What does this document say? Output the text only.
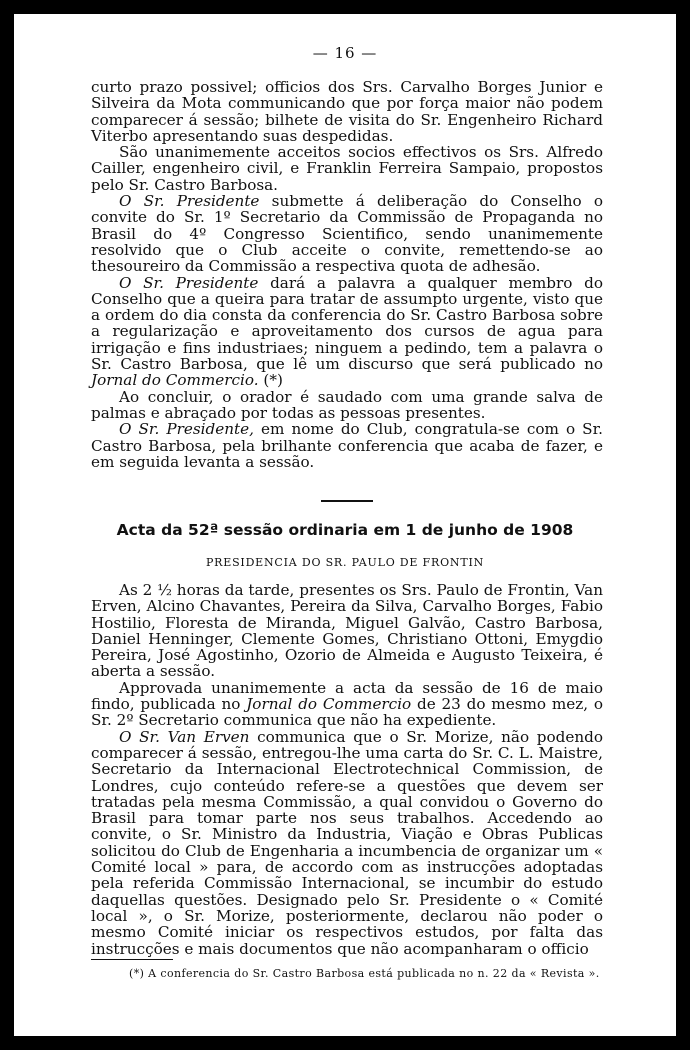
— 16 —

curto prazo possivel; officios dos Srs. Carvalho Borges Junior e Silveira da Mota communicando que por força maior não podem comparecer á sessão; bilhete de visita do Sr. Engenheiro Richard Viterbo apresentando suas despedidas.

São unanimemente acceitos socios effectivos os Srs. Alfredo Cailler, engenheiro civil, e Franklin Ferreira Sampaio, propostos pelo Sr. Castro Barbosa.

O Sr. Presidente submette á deliberação do Conselho o convite do Sr. 1º Secretario da Commissão de Propaganda no Brasil do 4º Congresso Scientifico, sendo unanimemente resolvido que o Club acceite o convite, remettendo-se ao thesoureiro da Commissão a respectiva quota de adhesão.

O Sr. Presidente dará a palavra a qualquer membro do Conselho que a queira para tratar de assumpto urgente, visto que a ordem do dia consta da conferencia do Sr. Castro Barbosa sobre a regularização e aproveitamento dos cursos de agua para irrigação e fins industriaes; ninguem a pedindo, tem a palavra o Sr. Castro Barbosa, que lê um discurso que será publicado no Jornal do Commercio. (*)

Ao concluir, o orador é saudado com uma grande salva de palmas e abraçado por todas as pessoas presentes.

O Sr. Presidente, em nome do Club, congratula-se com o Sr. Castro Barbosa, pela brilhante conferencia que acaba de fazer, e em seguida levanta a sessão.

Acta da 52ª sessão ordinaria em 1 de junho de 1908
PRESIDENCIA DO SR. PAULO DE FRONTIN

As 2 ½ horas da tarde, presentes os Srs. Paulo de Frontin, Van Erven, Alcino Chavantes, Pereira da Silva, Carvalho Borges, Fabio Hostilio, Floresta de Miranda, Miguel Galvão, Castro Barbosa, Daniel Henninger, Clemente Gomes, Christiano Ottoni, Emygdio Pereira, José Agostinho, Ozorio de Almeida e Augusto Teixeira, é aberta a sessão.

Approvada unanimemente a acta da sessão de 16 de maio findo, publicada no Jornal do Commercio de 23 do mesmo mez, o Sr. 2º Secretario communica que não ha expediente.

O Sr. Van Erven communica que o Sr. Morize, não podendo comparecer á sessão, entregou-lhe uma carta do Sr. C. L. Maistre, Secretario da Internacional Electrotechnical Commission, de Londres, cujo conteúdo refere-se a questões que devem ser tratadas pela mesma Commissão, a qual convidou o Governo do Brasil para tomar parte nos seus trabalhos. Accedendo ao convite, o Sr. Ministro da Industria, Viação e Obras Publicas solicitou do Club de Engenharia a incumbencia de organizar um « Comité local » para, de accordo com as instrucções adoptadas pela referida Commissão Internacional, se incumbir do estudo daquellas questões. Designado pelo Sr. Presidente o « Comité local », o Sr. Morize, posteriormente, declarou não poder o mesmo Comité iniciar os respectivos estudos, por falta das instrucções e mais documentos que não acompanharam o officio

(*) A conferencia do Sr. Castro Barbosa está publicada no n. 22 da « Revista ».
